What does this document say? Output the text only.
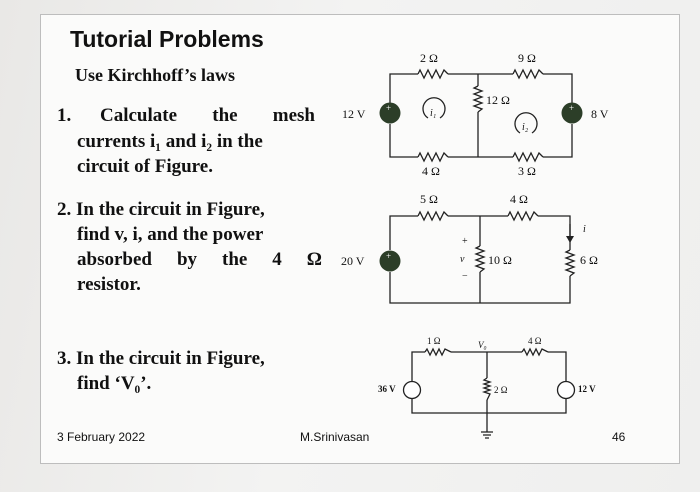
Tutorial Problems
Use Kirchhoff’s laws
1. Calculate the mesh
currents i₁ and i₂ in the
circuit of Figure.
2. In the circuit in Figure,
find v, i, and the power
absorbed by the 4 Ω
resistor.
3. In the circuit in Figure,
find ‘V₀’.
3 February 2022	M.Srinivasan	46
+	+
2 Ω	9 Ω
12 Ω
4 Ω	3 Ω
12 V	8 V
i₁
i₂
+
5 Ω	4 Ω
10 Ω	6 Ω
20 V
+
v
−
i
1 Ω	4 Ω
2 Ω
36 V	12 V
V₀
